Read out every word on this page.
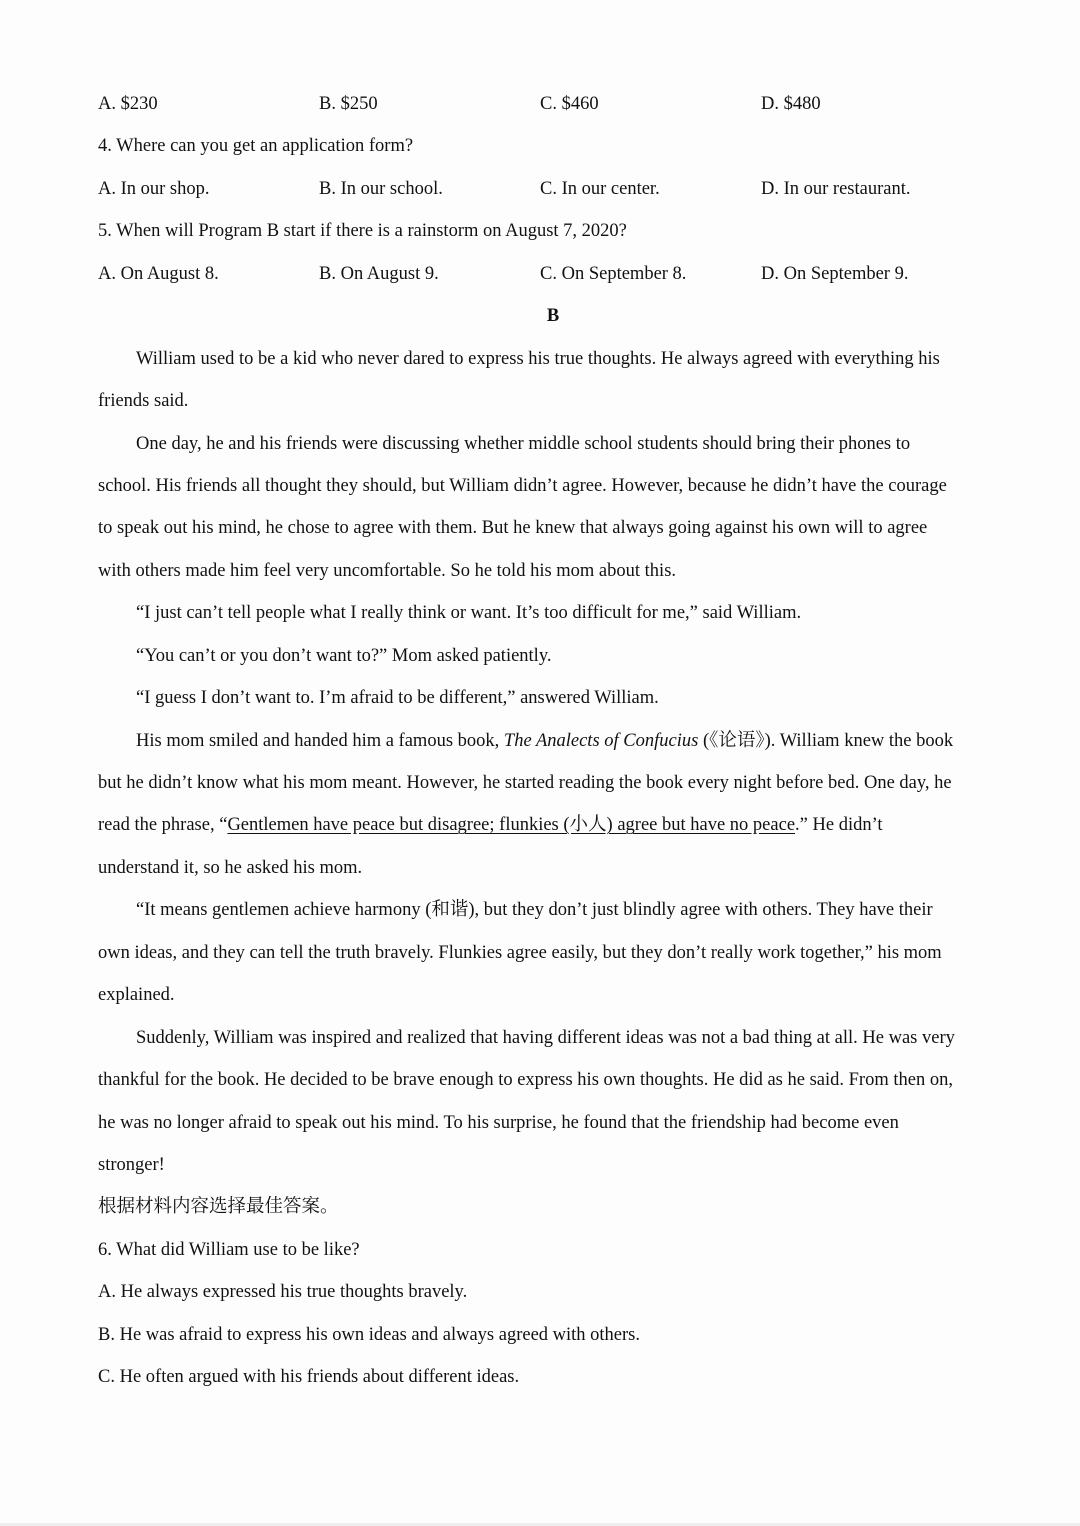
A. $230	B. $250	C. $460	D. $480
4. Where can you get an application form?
A. In our shop.	B. In our school.	C. In our center.	D. In our restaurant.
5. When will Program B start if there is a rainstorm on August 7, 2020?
A. On August 8.	B. On August 9.	C. On September 8.	D. On September 9.
B
William used to be a kid who never dared to express his true thoughts. He always agreed with everything his
friends said.
One day, he and his friends were discussing whether middle school students should bring their phones to
school. His friends all thought they should, but William didn’t agree. However, because he didn’t have the courage
to speak out his mind, he chose to agree with them. But he knew that always going against his own will to agree
with others made him feel very uncomfortable. So he told his mom about this.
“I just can’t tell people what I really think or want. It’s too difficult for me,” said William.
“You can’t or you don’t want to?” Mom asked patiently.
“I guess I don’t want to. I’m afraid to be different,” answered William.
His mom smiled and handed him a famous book, The Analects of Confucius (《论语》). William knew the book
but he didn’t know what his mom meant. However, he started reading the book every night before bed. One day, he
read the phrase, “Gentlemen have peace but disagree; flunkies (小人) agree but have no peace.” He didn’t
understand it, so he asked his mom.
“It means gentlemen achieve harmony (和谐), but they don’t just blindly agree with others. They have their
own ideas, and they can tell the truth bravely. Flunkies agree easily, but they don’t really work together,” his mom
explained.
Suddenly, William was inspired and realized that having different ideas was not a bad thing at all. He was very
thankful for the book. He decided to be brave enough to express his own thoughts. He did as he said. From then on,
he was no longer afraid to speak out his mind. To his surprise, he found that the friendship had become even
stronger!
根据材料内容选择最佳答案。
6. What did William use to be like?
A. He always expressed his true thoughts bravely.
B. He was afraid to express his own ideas and always agreed with others.
C. He often argued with his friends about different ideas.
